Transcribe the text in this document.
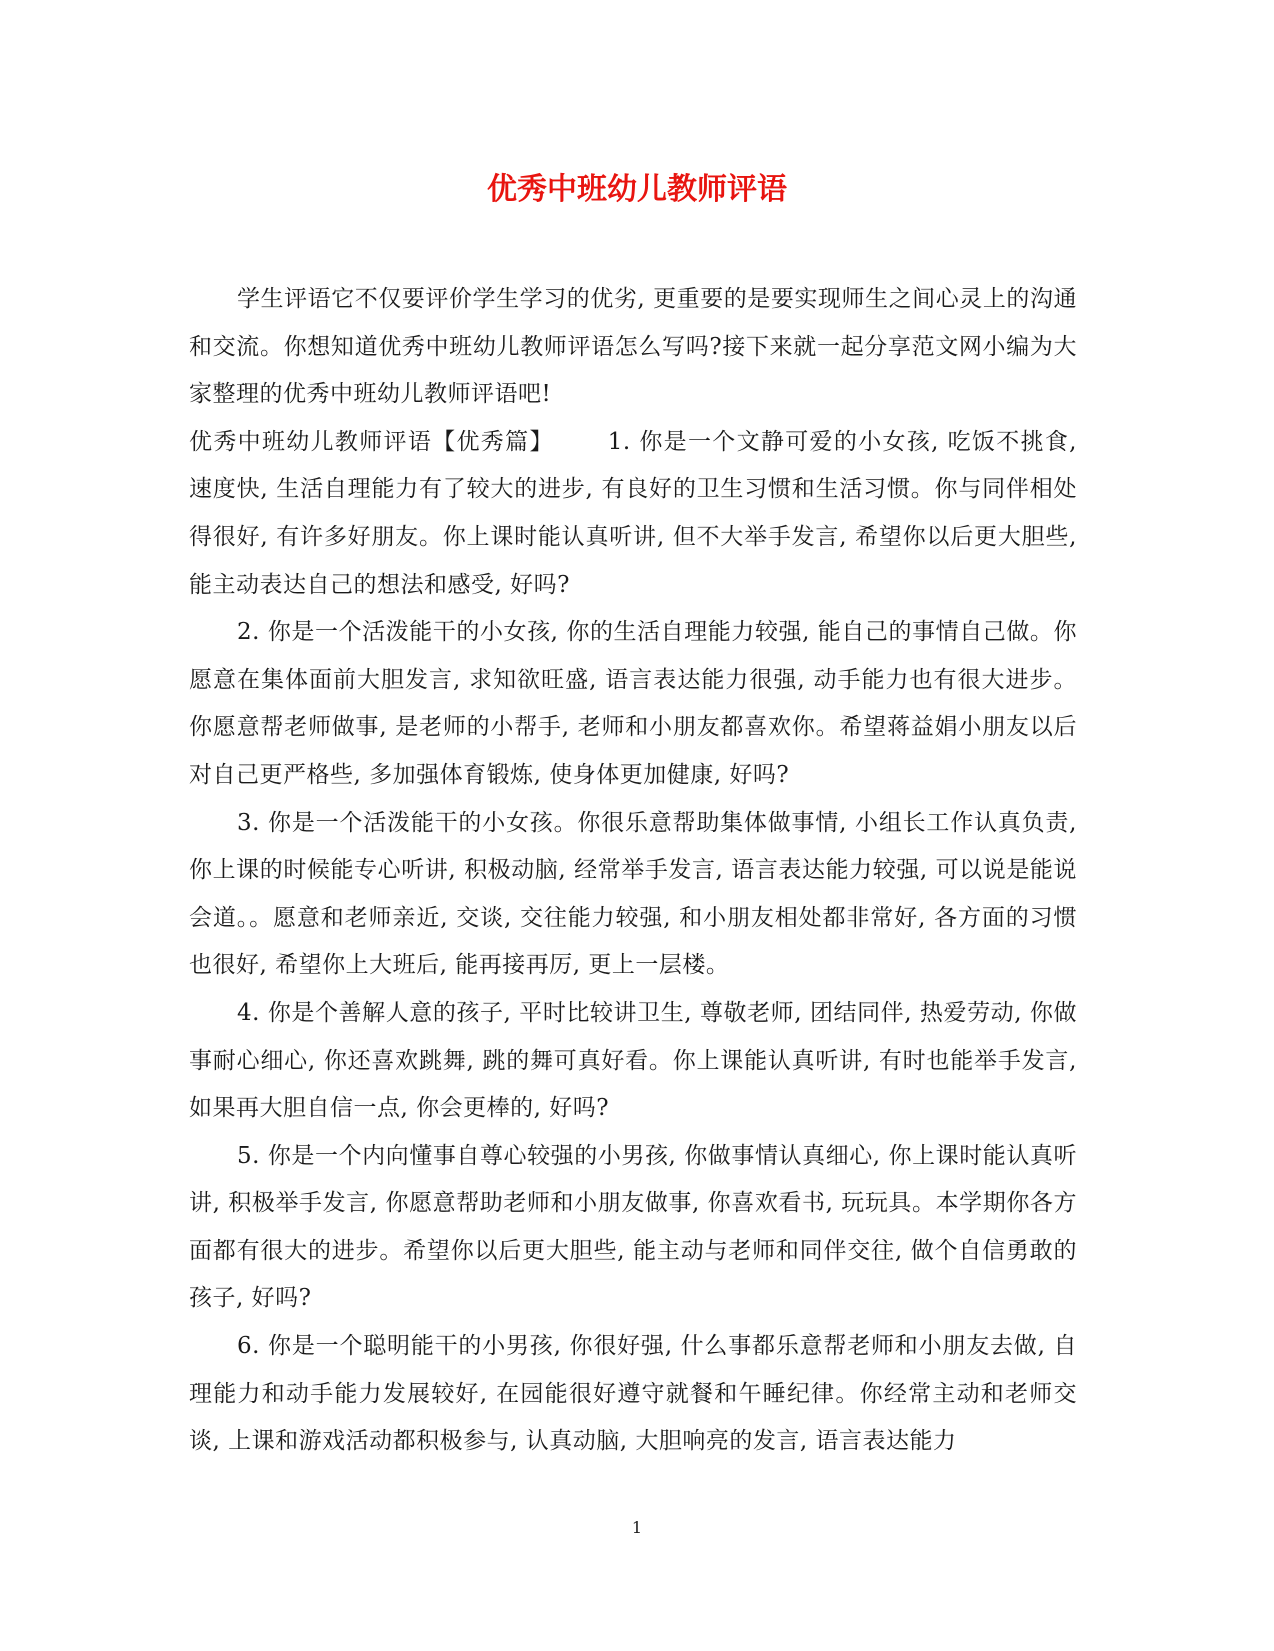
优秀中班幼儿教师评语

学生评语它不仅要评价学生学习的优劣, 更重要的是要实现师生之间心灵上的沟通和交流。你想知道优秀中班幼儿教师评语怎么写吗?接下来就一起分享范文网小编为大家整理的优秀中班幼儿教师评语吧!

优秀中班幼儿教师评语【优秀篇】 1. 你是一个文静可爱的小女孩, 吃饭不挑食, 速度快, 生活自理能力有了较大的进步, 有良好的卫生习惯和生活习惯。你与同伴相处得很好, 有许多好朋友。你上课时能认真听讲, 但不大举手发言, 希望你以后更大胆些, 能主动表达自己的想法和感受, 好吗?

2. 你是一个活泼能干的小女孩, 你的生活自理能力较强, 能自己的事情自己做。你愿意在集体面前大胆发言, 求知欲旺盛, 语言表达能力很强, 动手能力也有很大进步。你愿意帮老师做事, 是老师的小帮手, 老师和小朋友都喜欢你。希望蒋益娟小朋友以后对自己更严格些, 多加强体育锻炼, 使身体更加健康, 好吗?

3. 你是一个活泼能干的小女孩。你很乐意帮助集体做事情, 小组长工作认真负责, 你上课的时候能专心听讲, 积极动脑, 经常举手发言, 语言表达能力较强, 可以说是能说会道。。愿意和老师亲近, 交谈, 交往能力较强, 和小朋友相处都非常好, 各方面的习惯也很好, 希望你上大班后, 能再接再厉, 更上一层楼。

4. 你是个善解人意的孩子, 平时比较讲卫生, 尊敬老师, 团结同伴, 热爱劳动, 你做事耐心细心, 你还喜欢跳舞, 跳的舞可真好看。你上课能认真听讲, 有时也能举手发言, 如果再大胆自信一点, 你会更棒的, 好吗?

5. 你是一个内向懂事自尊心较强的小男孩, 你做事情认真细心, 你上课时能认真听讲, 积极举手发言, 你愿意帮助老师和小朋友做事, 你喜欢看书, 玩玩具。本学期你各方面都有很大的进步。希望你以后更大胆些, 能主动与老师和同伴交往, 做个自信勇敢的孩子, 好吗?

6. 你是一个聪明能干的小男孩, 你很好强, 什么事都乐意帮老师和小朋友去做, 自理能力和动手能力发展较好, 在园能很好遵守就餐和午睡纪律。你经常主动和老师交谈, 上课和游戏活动都积极参与, 认真动脑, 大胆响亮的发言, 语言表达能力

1
